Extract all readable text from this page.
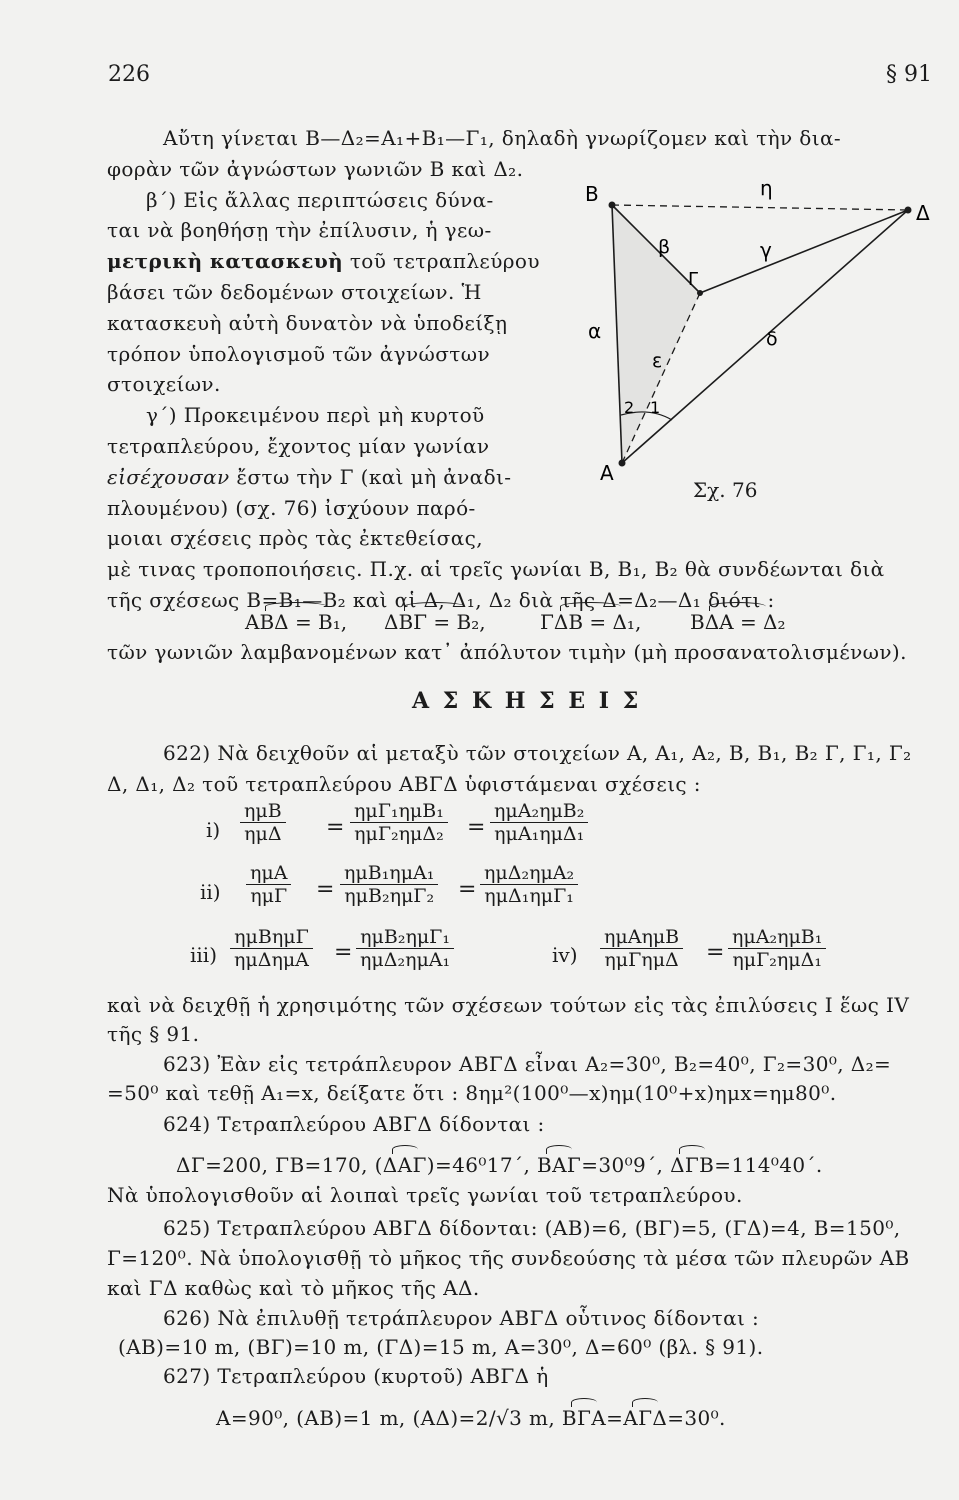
226	§ 91
Αὔτη γίνεται Β—Δ₂=Α₁+Β₁—Γ₁, δηλαδὴ γνωρίζομεν καὶ τὴν δια-
φορὰν τῶν ἀγνώστων γωνιῶν Β καὶ Δ₂.
β΄) Εἰς ἄλλας περιπτώσεις δύνα-
ται νὰ βοηθήσῃ τὴν ἐπίλυσιν, ἡ γεω-
μετρικὴ κατασκευὴ τοῦ τετραπλεύρου
βάσει τῶν δεδομένων στοιχείων. Ἡ
κατασκευὴ αὐτὴ δυνατὸν νὰ ὑποδείξῃ
τρόπον ὑπολογισμοῦ τῶν ἀγνώστων
στοιχείων.
γ΄) Προκειμένου περὶ μὴ κυρτοῦ
τετραπλεύρου, ἔχοντος μίαν γωνίαν
εἰσέχουσαν ἔστω τὴν Γ (καὶ μὴ ἀναδι-
πλουμένου) (σχ. 76) ἰσχύουν παρό-
μοιαι σχέσεις πρὸς τὰς ἐκτεθείσας,
μὲ τινας τροποποιήσεις. Π.χ. αἱ τρεῖς γωνίαι Β, Β₁, Β₂ θὰ συνδέωνται διὰ
τῆς σχέσεως Β=Β₁—Β₂ καὶ αἱ Δ, Δ₁, Δ₂ διὰ τῆς Δ=Δ₂—Δ₁ διότι :
ΑΒΔ = Β₁, ΔΒΓ = Β₂,	ΓΔΒ = Δ₁, ΒΔΑ = Δ₂
τῶν γωνιῶν λαμβανομένων κατ᾽ ἀπόλυτον τιμὴν (μὴ προσανατολισμένων).
Β
Δ
Γ
Α
η
β	γ
α	δ
ε
2 1
Σχ. 76
Α Σ Κ Η Σ Ε Ι Σ
622) Νὰ δειχθοῦν αἱ μεταξὺ τῶν στοιχείων Α, Α₁, Α₂, Β, Β₁, Β₂ Γ, Γ₁, Γ₂
Δ, Δ₁, Δ₂ τοῦ τετραπλεύρου ΑΒΓΔ ὑφιστάμεναι σχέσεις :
i)
ημΒ
ημΔ =
ημΓ₁ημΒ₁
ημΓ₂ημΔ₂ =
ημΑ₂ημΒ₂
ημΑ₁ημΔ₁
ii)
ημΑ
ημΓ =
ημΒ₁ημΑ₁
ημΒ₂ημΓ₂ =
ημΔ₂ημΑ₂
ημΔ₁ημΓ₁
iii)
ημΒημΓ
ημΔημΑ =
ημΒ₂ημΓ₁
ημΔ₂ημΑ₁	iv)
ημΑημΒ
ημΓημΔ =
ημΑ₂ημΒ₁
ημΓ₂ημΔ₁
καὶ νὰ δειχθῇ ἡ χρησιμότης τῶν σχέσεων τούτων εἰς τὰς ἐπιλύσεις Ι ἕως IV
τῆς § 91.
623) Ἐὰν εἰς τετράπλευρον ΑΒΓΔ εἶναι Α₂=30⁰, Β₂=40⁰, Γ₂=30⁰, Δ₂=
=50⁰ καὶ τεθῇ Α₁=x, δείξατε ὅτι : 8ημ²(100⁰—x)ημ(10⁰+x)ημx=ημ80⁰.
624) Τετραπλεύρου ΑΒΓΔ δίδονται :
ΔΓ=200, ΓΒ=170, (ΔΑΓ)=46⁰17΄, ΒΑΓ=30⁰9΄, ΔΓΒ=114⁰40΄.
Νὰ ὑπολογισθοῦν αἱ λοιπαὶ τρεῖς γωνίαι τοῦ τετραπλεύρου.
625) Τετραπλεύρου ΑΒΓΔ δίδονται: (ΑΒ)=6, (ΒΓ)=5, (ΓΔ)=4, Β=150⁰,
Γ=120⁰. Νὰ ὑπολογισθῇ τὸ μῆκος τῆς συνδεούσης τὰ μέσα τῶν πλευρῶν ΑΒ
καὶ ΓΔ καθὼς καὶ τὸ μῆκος τῆς ΑΔ.
626) Νὰ ἐπιλυθῇ τετράπλευρον ΑΒΓΔ οὗτινος δίδονται :
(ΑΒ)=10 m, (ΒΓ)=10 m, (ΓΔ)=15 m, Α=30⁰, Δ=60⁰ (βλ. § 91).
627) Τετραπλεύρου (κυρτοῦ) ΑΒΓΔ ἡ
Α=90⁰, (ΑΒ)=1 m, (ΑΔ)=2/√3 m, ΒΓΑ=ΑΓΔ=30⁰.
